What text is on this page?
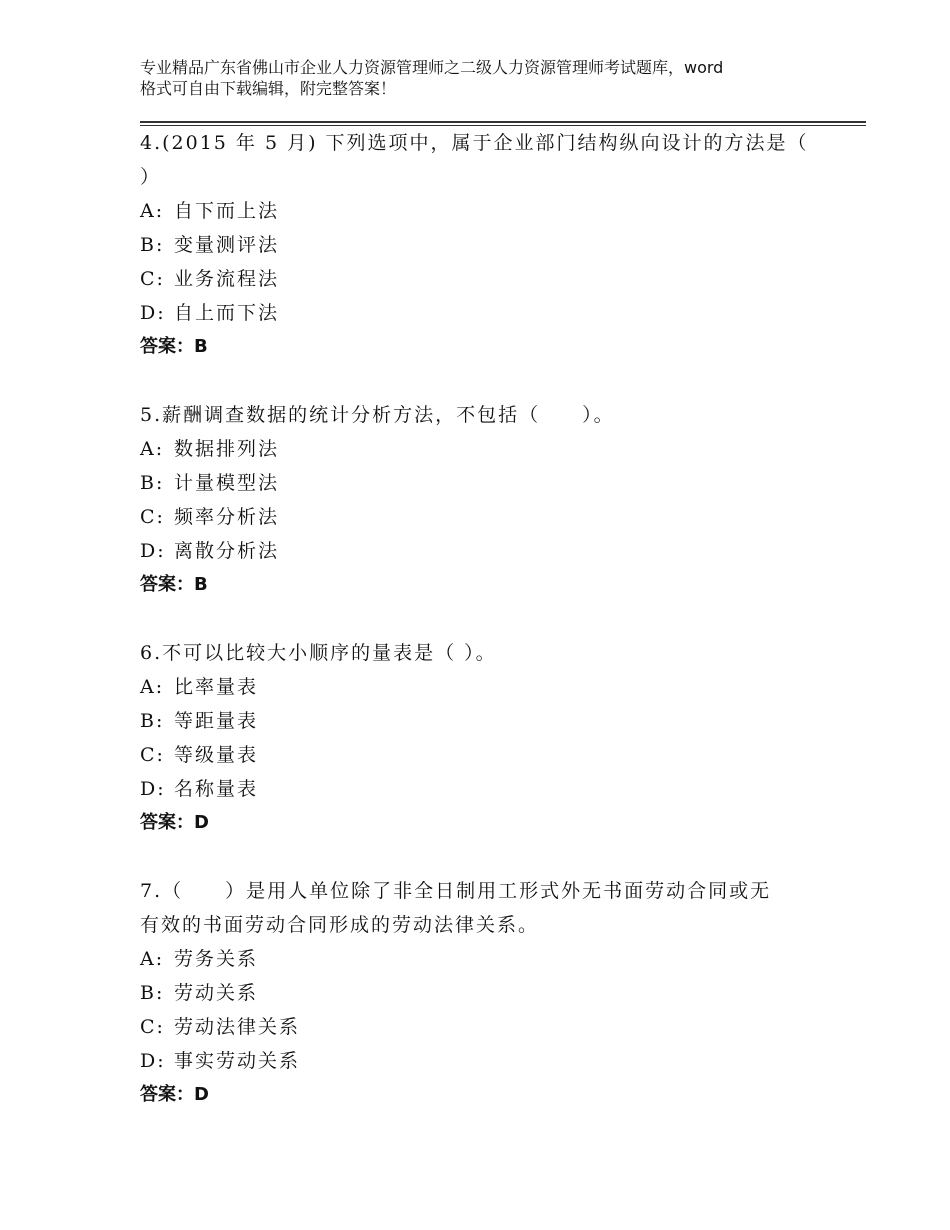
专业精品广东省佛山市企业人力资源管理师之二级人力资源管理师考试题库，word
格式可自由下载编辑，附完整答案！

4.(2015 年 5 月) 下列选项中，属于企业部门结构纵向设计的方法是（

）

A: 自下而上法

B: 变量测评法

C: 业务流程法

D: 自上而下法

答案：B

5.薪酬调查数据的统计分析方法，不包括（　　）。

A: 数据排列法

B: 计量模型法

C: 频率分析法

D: 离散分析法

答案：B

6.不可以比较大小顺序的量表是（ ）。

A: 比率量表

B: 等距量表

C: 等级量表

D: 名称量表

答案：D

7.（　　）是用人单位除了非全日制用工形式外无书面劳动合同或无

有效的书面劳动合同形成的劳动法律关系。

A: 劳务关系

B: 劳动关系

C: 劳动法律关系

D: 事实劳动关系

答案：D
